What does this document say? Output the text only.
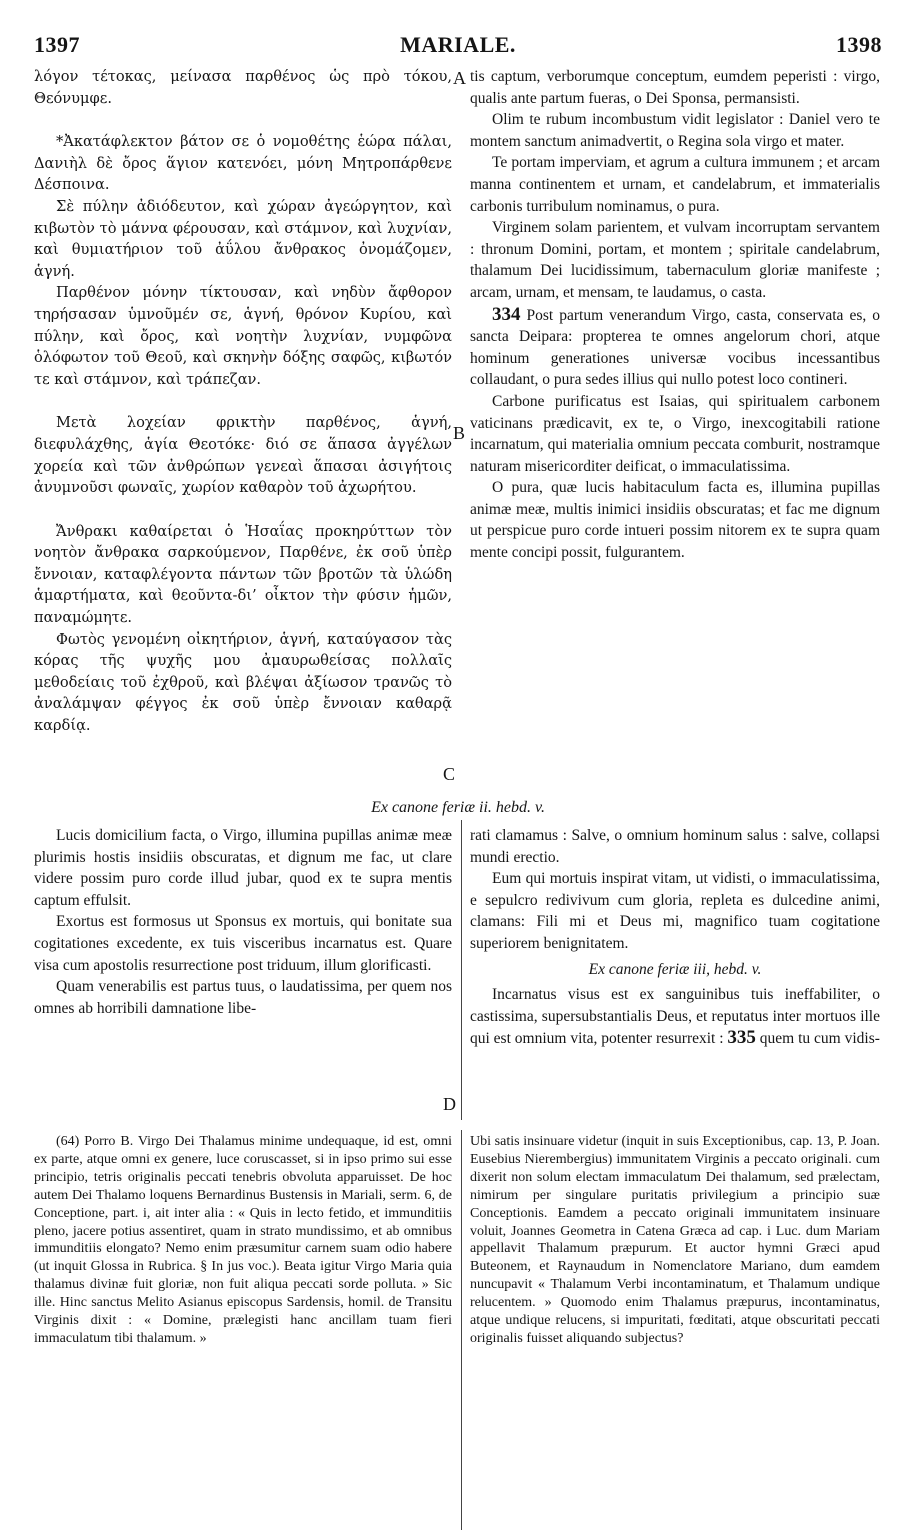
1397	MARIALE.	1398

λόγον τέτοκας, μείνασα παρθένος ὡς πρὸ τόκου, Θεόνυμφε.

*Ἀκατάφλεκτον βάτον σε ὁ νομοθέτης ἑώρα πάλαι, Δανιὴλ δὲ ὄρος ἅγιον κατενόει, μόνη Μητροπάρθενε Δέσποινα.

Σὲ πύλην ἀδιόδευτον, καὶ χώραν ἀγεώργητον, καὶ κιβωτὸν τὸ μάννα φέρουσαν, καὶ στάμνον, καὶ λυχνίαν, καὶ θυμιατήριον τοῦ ἀΰλου ἄνθρακος ὀνομάζομεν, ἁγνή.

Παρθένον μόνην τίκτουσαν, καὶ νηδὺν ἄφθορον τηρήσασαν ὑμνοῦμέν σε, ἁγνή, θρόνον Κυρίου, καὶ πύλην, καὶ ὄρος, καὶ νοητὴν λυχνίαν, νυμφῶνα ὁλόφωτον τοῦ Θεοῦ, καὶ σκηνὴν δόξης σαφῶς, κιβωτόν τε καὶ στάμνον, καὶ τράπεζαν.

Μετὰ λοχείαν φρικτὴν παρθένος, ἁγνή, διεφυλάχθης, ἁγία Θεοτόκε· διό σε ἅπασα ἀγγέλων χορεία καὶ τῶν ἀνθρώπων γενεαὶ ἅπασαι ἀσιγήτοις ἀνυμνοῦσι φωναῖς, χωρίον καθαρὸν τοῦ ἀχωρήτου.

Ἄνθρακι καθαίρεται ὁ Ἡσαΐας προκηρύττων τὸν νοητὸν ἄνθρακα σαρκούμενον, Παρθένε, ἐκ σοῦ ὑπὲρ ἔννοιαν, καταφλέγοντα πάντων τῶν βροτῶν τὰ ὑλώδη ἁμαρτήματα, καὶ θεοῦντα-δι’ οἶκτον τὴν φύσιν ἡμῶν, παναμώμητε.

Φωτὸς γενομένη οἰκητήριον, ἁγνή, καταύγασον τὰς κόρας τῆς ψυχῆς μου ἀμαυρωθείσας πολλαῖς μεθοδείαις τοῦ ἐχθροῦ, καὶ βλέψαι ἀξίωσον τρανῶς τὸ ἀναλάμψαν φέγγος ἐκ σοῦ ὑπὲρ ἔννοιαν καθαρᾷ καρδίᾳ.

A
B
C
D

tis captum, verborumque conceptum, eumdem peperisti : virgo, qualis ante partum fueras, o Dei Sponsa, permansisti.

Olim te rubum incombustum vidit legislator : Daniel vero te montem sanctum animadvertit, o Regina sola virgo et mater.

Te portam imperviam, et agrum a cultura immunem ; et arcam manna continentem et urnam, et candelabrum, et immaterialis carbonis turribulum nominamus, o pura.

Virginem solam parientem, et vulvam incorruptam servantem : thronum Domini, portam, et montem ; spiritale candelabrum, thalamum Dei lucidissimum, tabernaculum gloriæ manifeste ; arcam, urnam, et mensam, te laudamus, o casta.

334 Post partum venerandum Virgo, casta, conservata es, o sancta Deipara: propterea te omnes angelorum chori, atque hominum generationes universæ vocibus incessantibus collaudant, o pura sedes illius qui nullo potest loco contineri.

Carbone purificatus est Isaias, qui spiritualem carbonem vaticinans prædicavit, ex te, o Virgo, inexcogitabili ratione incarnatum, qui materialia omnium peccata comburit, nostramque naturam misericorditer deificat, o immaculatissima.

O pura, quæ lucis habitaculum facta es, illumina pupillas animæ meæ, multis inimici insidiis obscuratas; et fac me dignum ut perspicue puro corde intueri possim nitorem ex te supra quam mente concipi possit, fulgurantem.

Ex canone feriæ ii. hebd. v.

Lucis domicilium facta, o Virgo, illumina pupillas animæ meæ plurimis hostis insidiis obscuratas, et dignum me fac, ut clare videre possim puro corde illud jubar, quod ex te supra mentis captum effulsit.

Exortus est formosus ut Sponsus ex mortuis, qui bonitate sua cogitationes excedente, ex tuis visceribus incarnatus est. Quare visa cum apostolis resurrectione post triduum, illum glorificasti.

Quam venerabilis est partus tuus, o laudatissima, per quem nos omnes ab horribili damnatione libe-

rati clamamus : Salve, o omnium hominum salus : salve, collapsi mundi erectio.

Eum qui mortuis inspirat vitam, ut vidisti, o immaculatissima, e sepulcro redivivum cum gloria, repleta es dulcedine animi, clamans: Fili mi et Deus mi, magnifico tuam cogitatione superiorem benignitatem.

Ex canone feriæ iii, hebd. v.

Incarnatus visus est ex sanguinibus tuis ineffabiliter, o castissima, supersubstantialis Deus, et reputatus inter mortuos ille qui est omnium vita, potenter resurrexit : 335 quem tu cum vidis-

(64) Porro B. Virgo Dei Thalamus minime undequaque, id est, omni ex parte, atque omni ex genere, luce coruscasset, si in ipso primo sui esse principio, tetris originalis peccati tenebris obvoluta apparuisset. De hoc autem Dei Thalamo loquens Bernardinus Bustensis in Mariali, serm. 6, de Conceptione, part. i, ait inter alia : « Quis in lecto fetido, et immunditiis pleno, jacere potius assentiret, quam in strato mundissimo, et ab omnibus immunditiis elongato? Nemo enim præsumitur carnem suam odio habere (ut inquit Glossa in Rubrica. § In jus voc.). Beata igitur Virgo Maria quia thalamus divinæ fuit gloriæ, non fuit aliqua peccati sorde polluta. » Sic ille. Hinc sanctus Melito Asianus episcopus Sardensis, homil. de Transitu Virginis dixit : « Domine, prælegisti hanc ancillam tuam fieri immaculatum tibi thalamum. »

Ubi satis insinuare videtur (inquit in suis Exceptionibus, cap. 13, P. Joan. Eusebius Nierembergius) immunitatem Virginis a peccato originali. cum dixerit non solum electam immaculatum Dei thalamum, sed prælectam, nimirum per singulare puritatis privilegium a principio suæ Conceptionis. Eamdem a peccato originali immunitatem insinuare voluit, Joannes Geometra in Catena Græca ad cap. i Luc. dum Mariam appellavit Thalamum præpurum. Et auctor hymni Græci apud Buteonem, et Raynaudum in Nomenclatore Mariano, dum eamdem nuncupavit « Thalamum Verbi incontaminatum, et Thalamum undique relucentem. » Quomodo enim Thalamus præpurus, incontaminatus, atque undique relucens, si impuritati, fœditati, atque obscuritati peccati originalis fuisset aliquando subjectus?
